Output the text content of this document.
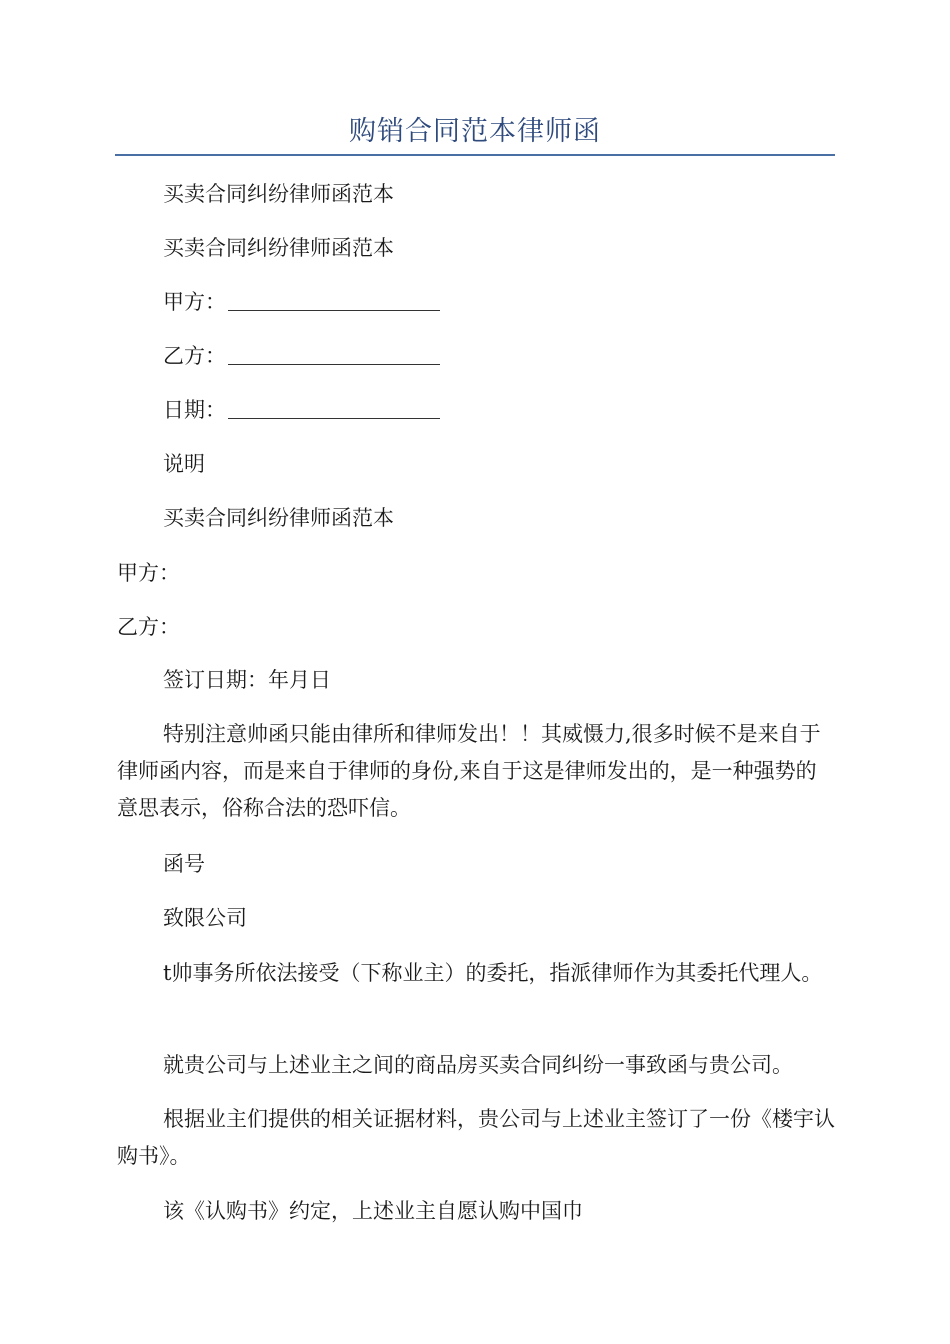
购销合同范本律师函

买卖合同纠纷律师函范本

买卖合同纠纷律师函范本

甲方：

乙方：

日期：

说明

买卖合同纠纷律师函范本

甲方：

乙方：

签订日期：年月日

特别注意帅函只能由律所和律师发出！！其威慑力,很多时候不是来自于律师函内容，而是来自于律师的身份,来自于这是律师发出的，是一种强势的意思表示，俗称合法的恐吓信。

函号

致限公司

t帅事务所依法接受（下称业主）的委托，指派律师作为其委托代理人。

就贵公司与上述业主之间的商品房买卖合同纠纷一事致函与贵公司。

根据业主们提供的相关证据材料，贵公司与上述业主签订了一份《楼宇认购书》。

该《认购书》约定，上述业主自愿认购中国巾
